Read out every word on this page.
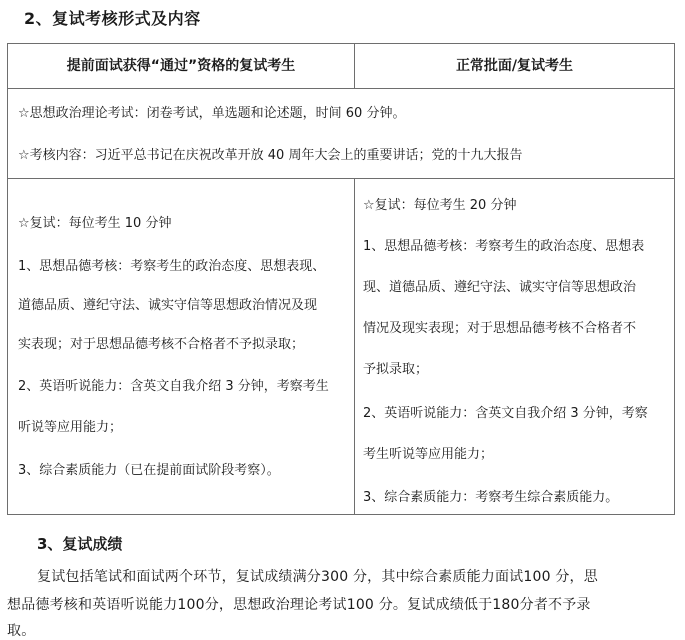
2、复试考核形式及内容
提前面试获得“通过”资格的复试考生	正常批面/复试考生
☆思想政治理论考试：闭卷考试，单选题和论述题，时间 60 分钟。
☆考核内容：习近平总书记在庆祝改革开放 40 周年大会上的重要讲话；党的十九大报告
☆复试：每位考生 10 分钟
1、思想品德考核：考察考生的政治态度、思想表现、
道德品质、遵纪守法、诚实守信等思想政治情况及现
实表现；对于思想品德考核不合格者不予拟录取；
2、英语听说能力：含英文自我介绍 3 分钟，考察考生
听说等应用能力；
3、综合素质能力（已在提前面试阶段考察）。
☆复试：每位考生 20 分钟
1、思想品德考核：考察考生的政治态度、思想表
现、道德品质、遵纪守法、诚实守信等思想政治
情况及现实表现；对于思想品德考核不合格者不
予拟录取；
2、英语听说能力：含英文自我介绍 3 分钟，考察
考生听说等应用能力；
3、综合素质能力：考察考生综合素质能力。
3、复试成绩
复试包括笔试和面试两个环节，复试成绩满分300 分，其中综合素质能力面试100 分，思
想品德考核和英语听说能力100分，思想政治理论考试100 分。复试成绩低于180分者不予录
取。
